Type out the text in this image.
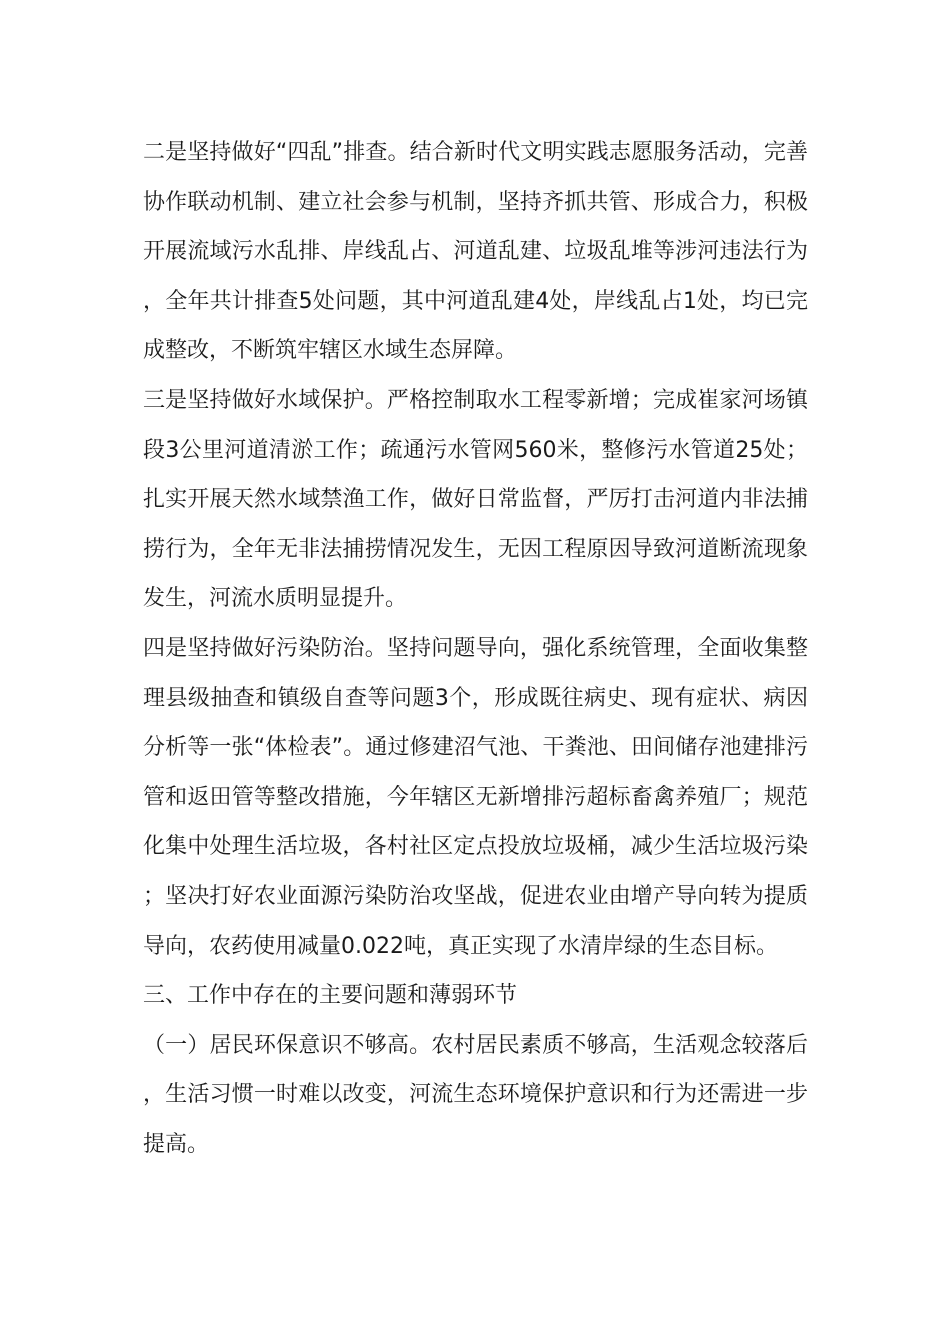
二是坚持做好“四乱”排查。结合新时代文明实践志愿服务活动，完善协作联动机制、建立社会参与机制，坚持齐抓共管、形成合力，积极开展流域污水乱排、岸线乱占、河道乱建、垃圾乱堆等涉河违法行为，全年共计排查5处问题，其中河道乱建4处，岸线乱占1处，均已完成整改，不断筑牢辖区水域生态屏障。

三是坚持做好水域保护。严格控制取水工程零新增；完成崔家河场镇段3公里河道清淤工作；疏通污水管网560米，整修污水管道25处；扎实开展天然水域禁渔工作，做好日常监督，严厉打击河道内非法捕捞行为，全年无非法捕捞情况发生，无因工程原因导致河道断流现象发生，河流水质明显提升。

四是坚持做好污染防治。坚持问题导向，强化系统管理，全面收集整理县级抽查和镇级自查等问题3个，形成既往病史、现有症状、病因分析等一张“体检表”。通过修建沼气池、干粪池、田间储存池建排污管和返田管等整改措施，今年辖区无新增排污超标畜禽养殖厂；规范化集中处理生活垃圾，各村社区定点投放垃圾桶，减少生活垃圾污染；坚决打好农业面源污染防治攻坚战，促进农业由增产导向转为提质导向，农药使用减量0.022吨，真正实现了水清岸绿的生态目标。

三、工作中存在的主要问题和薄弱环节

（一）居民环保意识不够高。农村居民素质不够高，生活观念较落后，生活习惯一时难以改变，河流生态环境保护意识和行为还需进一步提高。
